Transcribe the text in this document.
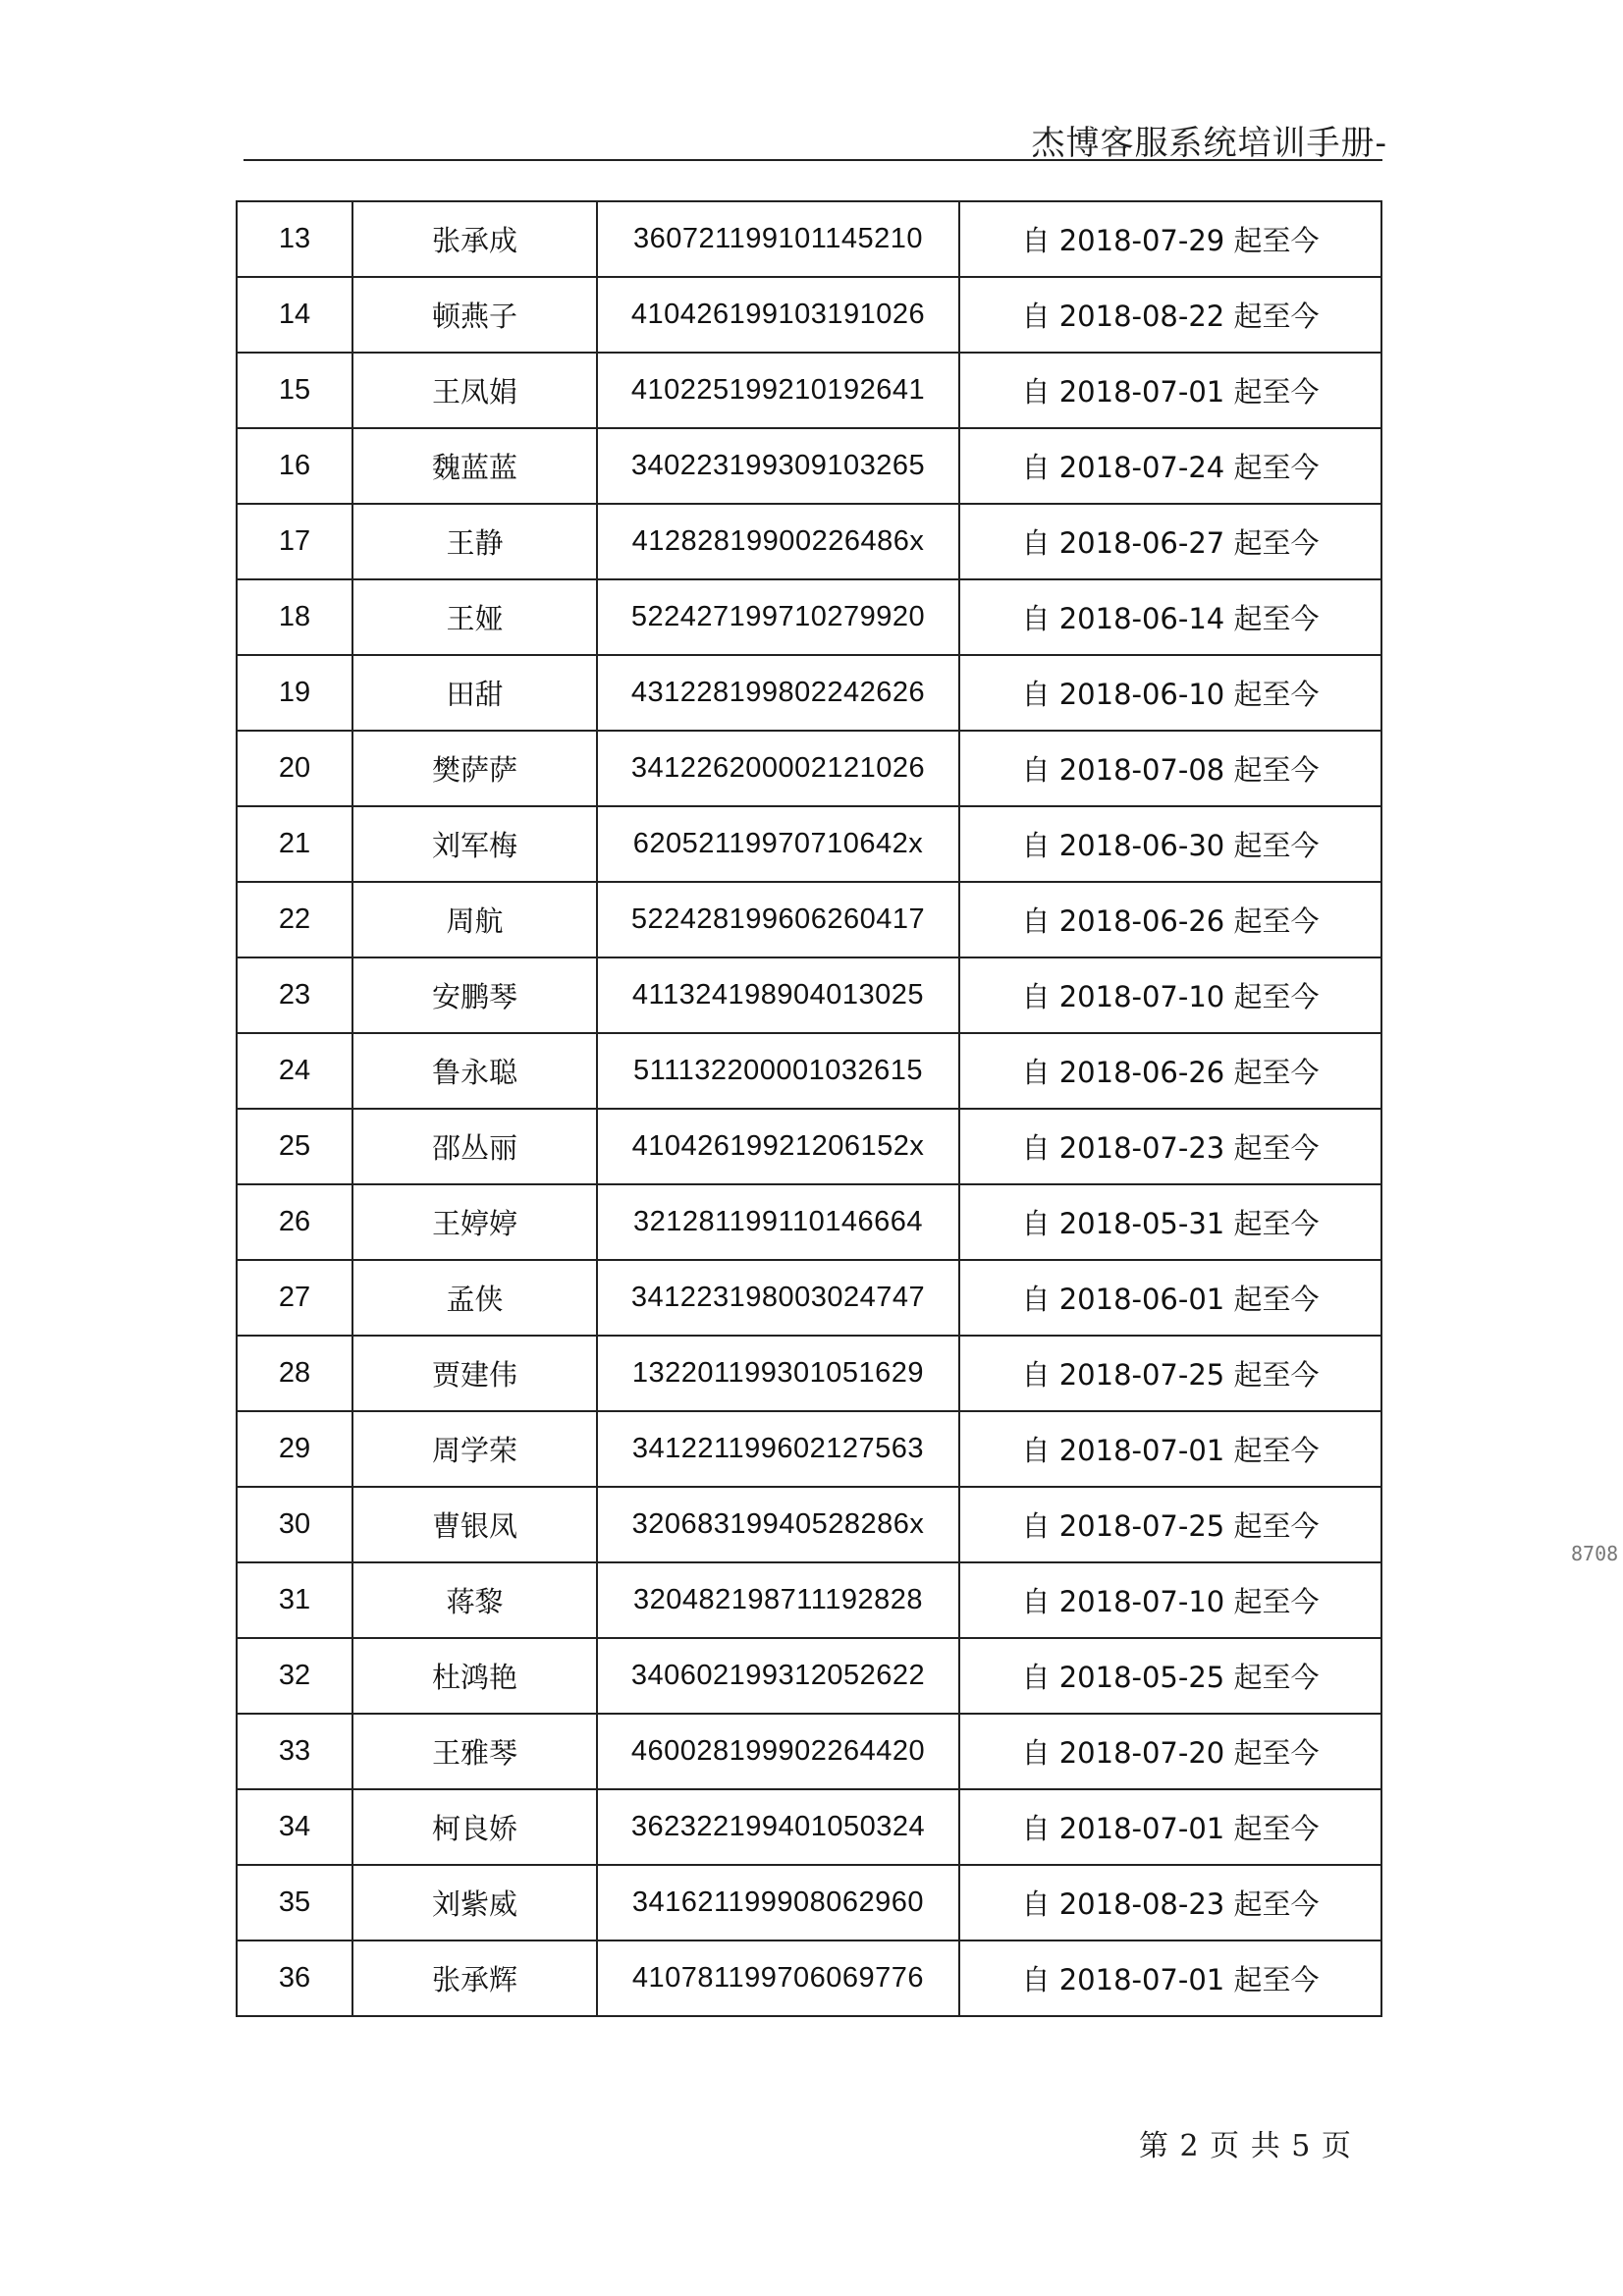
杰博客服系统培训手册-
13	张承成	360721199101145210	自 2018-07-29 起至今
14	顿燕子	410426199103191026	自 2018-08-22 起至今
15	王凤娟	410225199210192641	自 2018-07-01 起至今
16	魏蓝蓝	340223199309103265	自 2018-07-24 起至今
17	王静	41282819900226486x	自 2018-06-27 起至今
18	王娅	522427199710279920	自 2018-06-14 起至今
19	田甜	431228199802242626	自 2018-06-10 起至今
20	樊萨萨	341226200002121026	自 2018-07-08 起至今
21	刘军梅	62052119970710642x	自 2018-06-30 起至今
22	周航	522428199606260417	自 2018-06-26 起至今
23	安鹏琴	411324198904013025	自 2018-07-10 起至今
24	鲁永聪	511132200001032615	自 2018-06-26 起至今
25	邵丛丽	41042619921206152x	自 2018-07-23 起至今
26	王婷婷	321281199110146664	自 2018-05-31 起至今
27	孟侠	341223198003024747	自 2018-06-01 起至今
28	贾建伟	132201199301051629	自 2018-07-25 起至今
29	周学荣	341221199602127563	自 2018-07-01 起至今
30	曹银凤	32068319940528286x	自 2018-07-25 起至今
31	蒋黎	320482198711192828	自 2018-07-10 起至今
32	杜鸿艳	340602199312052622	自 2018-05-25 起至今
33	王雅琴	460028199902264420	自 2018-07-20 起至今
34	柯良娇	362322199401050324	自 2018-07-01 起至今
35	刘紫威	341621199908062960	自 2018-08-23 起至今
36	张承辉	410781199706069776	自 2018-07-01 起至今
第 2 页 共 5 页
8708
